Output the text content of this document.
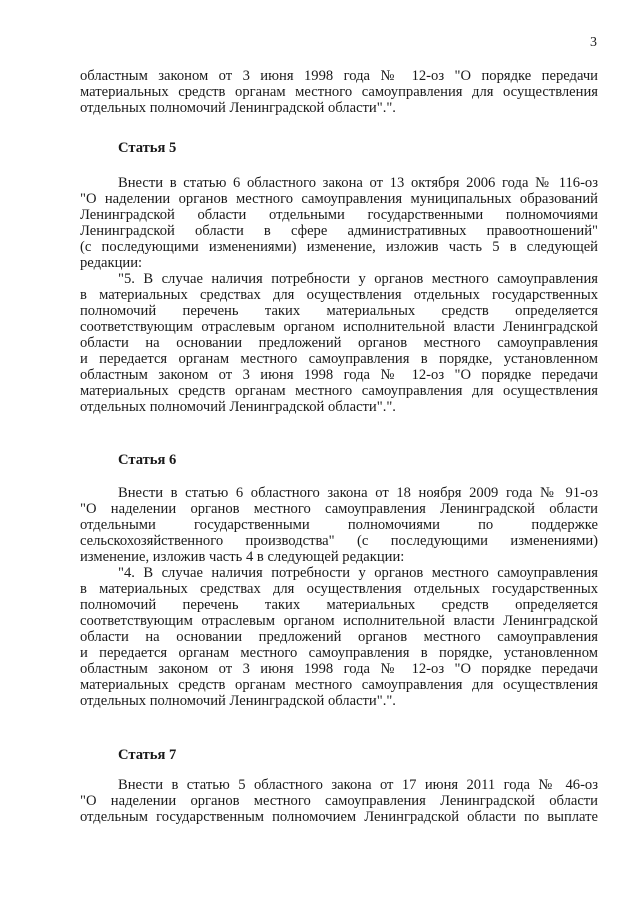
3
областным законом от 3 июня 1998 года № 12-оз "О порядке передачи
материальных средств органам местного самоуправления для осуществления
отдельных полномочий Ленинградской области".".
Статья 5
Внести в статью 6 областного закона от 13 октября 2006 года № 116-оз
"О наделении органов местного самоуправления муниципальных образований
Ленинградской области отдельными государственными полномочиями
Ленинградской области в сфере административных правоотношений"
(с последующими изменениями) изменение, изложив часть 5 в следующей
редакции:
"5. В случае наличия потребности у органов местного самоуправления
в материальных средствах для осуществления отдельных государственных
полномочий перечень таких материальных средств определяется
соответствующим отраслевым органом исполнительной власти Ленинградской
области на основании предложений органов местного самоуправления
и передается органам местного самоуправления в порядке, установленном
областным законом от 3 июня 1998 года № 12-оз "О порядке передачи
материальных средств органам местного самоуправления для осуществления
отдельных полномочий Ленинградской области".".
Статья 6
Внести в статью 6 областного закона от 18 ноября 2009 года № 91-оз
"О наделении органов местного самоуправления Ленинградской области
отдельными государственными полномочиями по поддержке
сельскохозяйственного производства" (с последующими изменениями)
изменение, изложив часть 4 в следующей редакции:
"4. В случае наличия потребности у органов местного самоуправления
в материальных средствах для осуществления отдельных государственных
полномочий перечень таких материальных средств определяется
соответствующим отраслевым органом исполнительной власти Ленинградской
области на основании предложений органов местного самоуправления
и передается органам местного самоуправления в порядке, установленном
областным законом от 3 июня 1998 года № 12-оз "О порядке передачи
материальных средств органам местного самоуправления для осуществления
отдельных полномочий Ленинградской области".".
Статья 7
Внести в статью 5 областного закона от 17 июня 2011 года № 46-оз
"О наделении органов местного самоуправления Ленинградской области
отдельным государственным полномочием Ленинградской области по выплате
